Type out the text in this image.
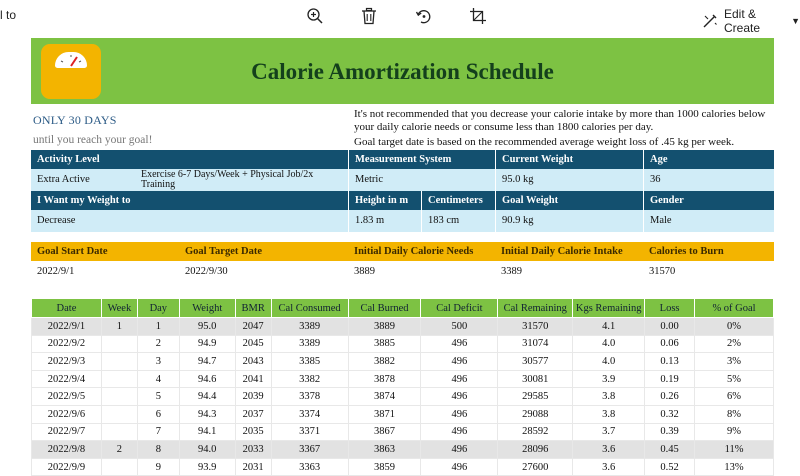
l to	Edit & Create	▼
Calorie Amortization Schedule
ONLY 30 DAYS
until you reach your goal!
It's not recommended that you decrease your calorie intake by more than 1000 calories below your daily calorie needs or consume less than 1800 calories per day.
Goal target date is based on the recommended average weight loss of .45 kg per week.
Activity Level	Measurement System	Current Weight	Age
Extra Active	Exercise 6-7 Days/Week + Physical Job/2x Training	Metric	95.0 kg	36
I Want my Weight to	Height in m	Centimeters	Goal Weight	Gender
Decrease	1.83 m	183 cm	90.9 kg	Male
Goal Start Date	Goal Target Date	Initial Daily Calorie Needs	Initial Daily Calorie Intake	Calories to Burn
2022/9/1	2022/9/30	3889	3389	31570
Date	Week	Day	Weight	BMR	Cal Consumed	Cal Burned	Cal Deficit	Cal Remaining	Kgs Remaining	Loss	% of Goal
2022/9/1	1	1	95.0	2047	3389	3889	500	31570	4.1	0.00	0%
2022/9/2		2	94.9	2045	3389	3885	496	31074	4.0	0.06	2%
2022/9/3		3	94.7	2043	3385	3882	496	30577	4.0	0.13	3%
2022/9/4		4	94.6	2041	3382	3878	496	30081	3.9	0.19	5%
2022/9/5		5	94.4	2039	3378	3874	496	29585	3.8	0.26	6%
2022/9/6		6	94.3	2037	3374	3871	496	29088	3.8	0.32	8%
2022/9/7		7	94.1	2035	3371	3867	496	28592	3.7	0.39	9%
2022/9/8	2	8	94.0	2033	3367	3863	496	28096	3.6	0.45	11%
2022/9/9		9	93.9	2031	3363	3859	496	27600	3.6	0.52	13%
